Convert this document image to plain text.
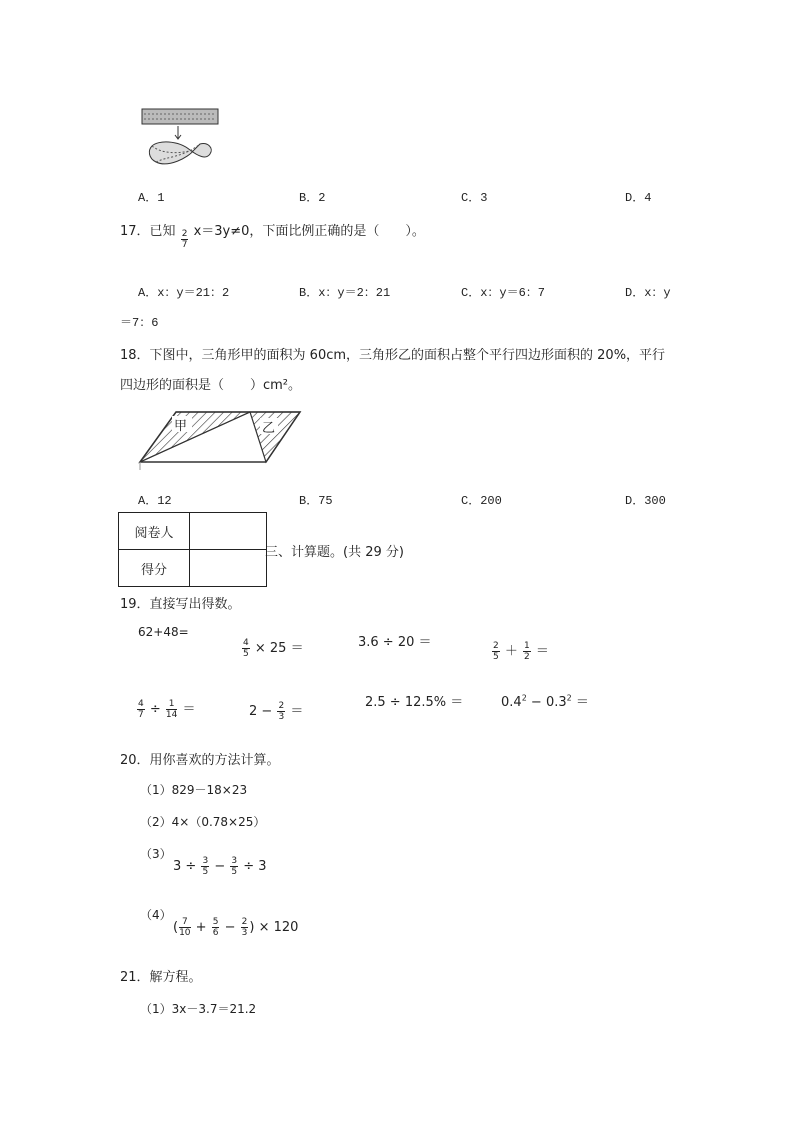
A．1	B．2	C．3	D．4
17．已知 $\frac{2}{7} x=3y\ne 0$，下面比例正确的是（　　）。
A．x：y＝21：2	B．x：y＝2：21	C．x：y＝6：7	D．x：y
＝7：6
18．下图中，三角形甲的面积为 60cm，三角形乙的面积占整个平行四边形面积的 20%，平行
四边形的面积是（　　）cm²。
甲	乙
A．12	B．75	C．200	D．300
阅卷人	
得分	
三、计算题。(共 29 分)
19．直接写出得数。
62+48=
$\frac{4}{5} \times 25$ ＝	3.6 ÷ 20 ＝	$\frac{2}{5} + \frac{1}{2}$ ＝
$\frac{4}{7} \div \frac{1}{14}$ ＝	$2 - \frac{2}{3}$ ＝
2.5 ÷ 12.5% ＝	$0.4^2 - 0.3^2$ ＝
20．用你喜欢的方法计算。
（1）829－18×23
（2）4×（0.78×25）
（3）
$3 \div \frac{3}{5} - \frac{3}{5} \div 3$
（4）
( $\frac{7}{10} + \frac{5}{6} - \frac{2}{3}$ ) × 120
21．解方程。
（1）3x－3.7＝21.2
